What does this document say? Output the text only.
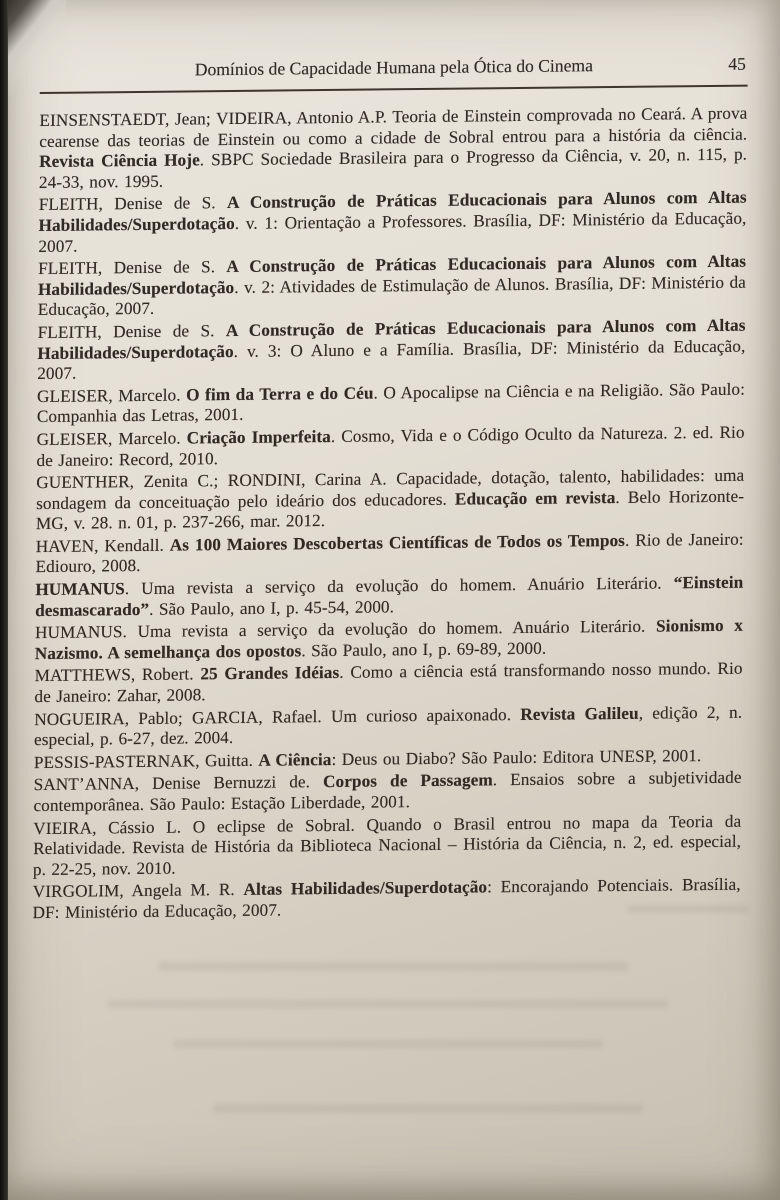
Domínios de Capacidade Humana pela Ótica do Cinema	45

EINSENSTAEDT, Jean; VIDEIRA, Antonio A.P. Teoria de Einstein comprovada no Ceará. A prova cearense das teorias de Einstein ou como a cidade de Sobral entrou para a história da ciência. Revista Ciência Hoje. SBPC Sociedade Brasileira para o Progresso da Ciência, v. 20, n. 115, p. 24-33, nov. 1995.

FLEITH, Denise de S. A Construção de Práticas Educacionais para Alunos com Altas Habilidades/Superdotação. v. 1: Orientação a Professores. Brasília, DF: Ministério da Educação, 2007.

FLEITH, Denise de S. A Construção de Práticas Educacionais para Alunos com Altas Habilidades/Superdotação. v. 2: Atividades de Estimulação de Alunos. Brasília, DF: Ministério da Educação, 2007.

FLEITH, Denise de S. A Construção de Práticas Educacionais para Alunos com Altas Habilidades/Superdotação. v. 3: O Aluno e a Família. Brasília, DF: Ministério da Educação, 2007.

GLEISER, Marcelo. O fim da Terra e do Céu. O Apocalipse na Ciência e na Religião. São Paulo: Companhia das Letras, 2001.

GLEISER, Marcelo. Criação Imperfeita. Cosmo, Vida e o Código Oculto da Natureza. 2. ed. Rio de Janeiro: Record, 2010.

GUENTHER, Zenita C.; RONDINI, Carina A. Capacidade, dotação, talento, habilidades: uma sondagem da conceituação pelo ideário dos educadores. Educação em revista. Belo Horizonte-MG, v. 28. n. 01, p. 237-266, mar. 2012.

HAVEN, Kendall. As 100 Maiores Descobertas Científicas de Todos os Tempos. Rio de Janeiro: Ediouro, 2008.

HUMANUS. Uma revista a serviço da evolução do homem. Anuário Literário. “Einstein desmascarado”. São Paulo, ano I, p. 45-54, 2000.

HUMANUS. Uma revista a serviço da evolução do homem. Anuário Literário. Sionismo x Nazismo. A semelhança dos opostos. São Paulo, ano I, p. 69-89, 2000.

MATTHEWS, Robert. 25 Grandes Idéias. Como a ciência está transformando nosso mundo. Rio de Janeiro: Zahar, 2008.

NOGUEIRA, Pablo; GARCIA, Rafael. Um curioso apaixonado. Revista Galileu, edição 2, n. especial, p. 6-27, dez. 2004.

PESSIS-PASTERNAK, Guitta. A Ciência: Deus ou Diabo? São Paulo: Editora UNESP, 2001.

SANT’ANNA, Denise Bernuzzi de. Corpos de Passagem. Ensaios sobre a subjetividade contemporânea. São Paulo: Estação Liberdade, 2001.

VIEIRA, Cássio L. O eclipse de Sobral. Quando o Brasil entrou no mapa da Teoria da Relatividade. Revista de História da Biblioteca Nacional – História da Ciência, n. 2, ed. especial, p. 22-25, nov. 2010.

VIRGOLIM, Angela M. R. Altas Habilidades/Superdotação: Encorajando Potenciais. Brasília, DF: Ministério da Educação, 2007.
